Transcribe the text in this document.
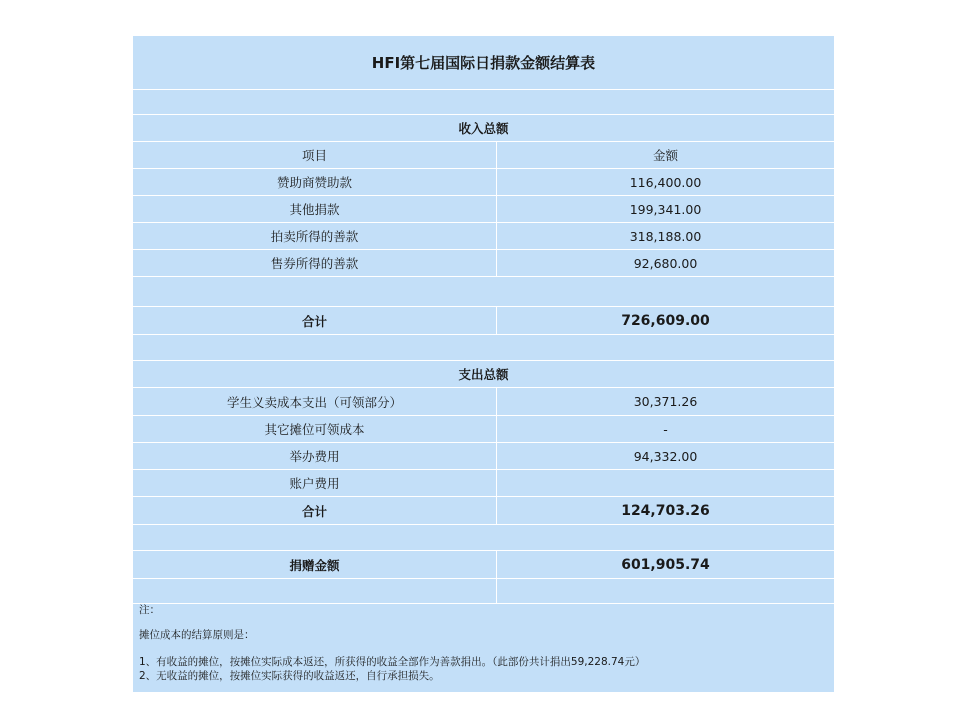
HFI第七届国际日捐款金额结算表
收入总额
项目	金额
赞助商赞助款	116,400.00
其他捐款	199,341.00
拍卖所得的善款	318,188.00
售券所得的善款	92,680.00
合计	726,609.00
支出总额
学生义卖成本支出（可领部分）	30,371.26
其它摊位可领成本	-
举办费用	94,332.00
账户费用
合计	124,703.26
捐赠金额	601,905.74
注：
摊位成本的结算原则是：
1、有收益的摊位，按摊位实际成本返还，所获得的收益全部作为善款捐出。（此部份共计捐出59,228.74元）
2、无收益的摊位，按摊位实际获得的收益返还，自行承担损失。
